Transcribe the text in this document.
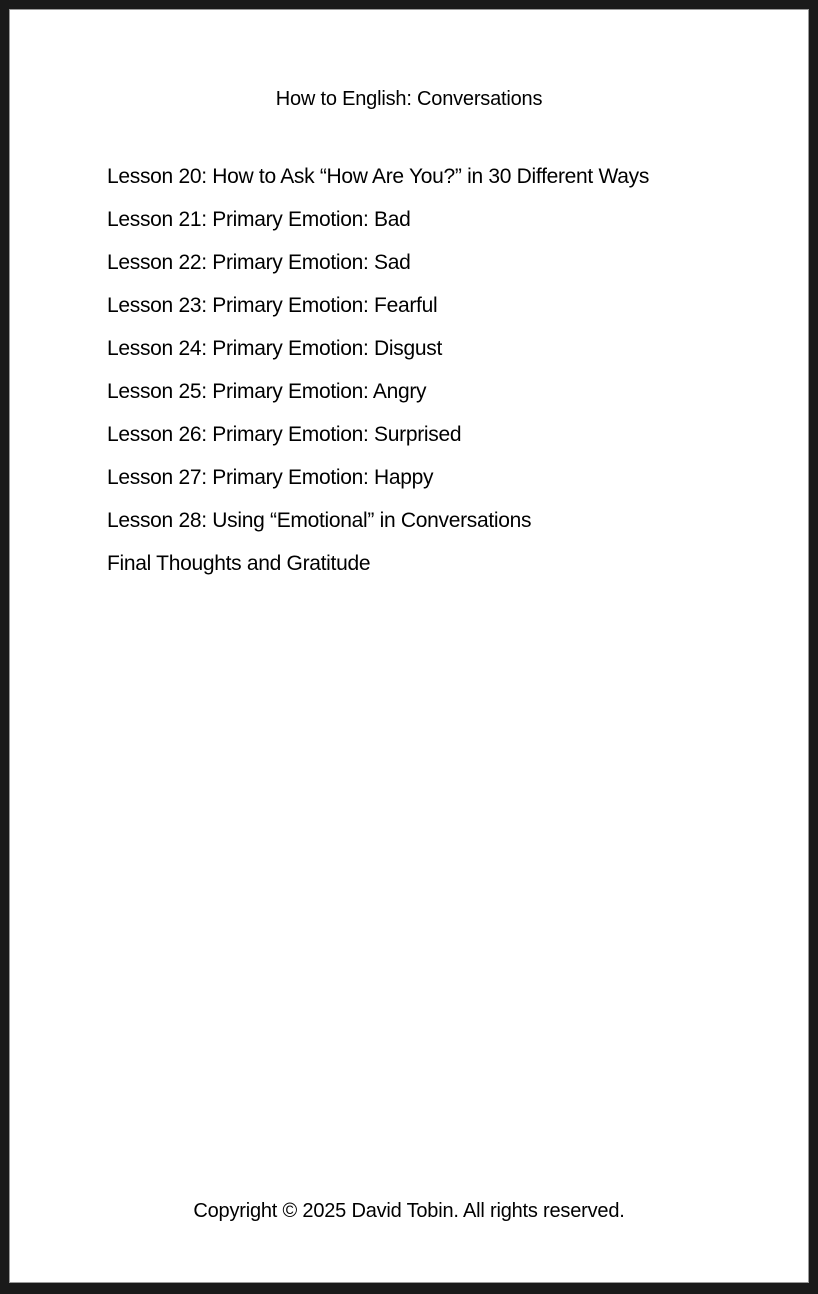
How to English: Conversations
Lesson 20: How to Ask “How Are You?” in 30 Different Ways
Lesson 21: Primary Emotion: Bad
Lesson 22: Primary Emotion: Sad
Lesson 23: Primary Emotion: Fearful
Lesson 24: Primary Emotion: Disgust
Lesson 25: Primary Emotion: Angry
Lesson 26: Primary Emotion: Surprised
Lesson 27: Primary Emotion: Happy
Lesson 28: Using “Emotional” in Conversations
Final Thoughts and Gratitude
Copyright © 2025 David Tobin. All rights reserved.
